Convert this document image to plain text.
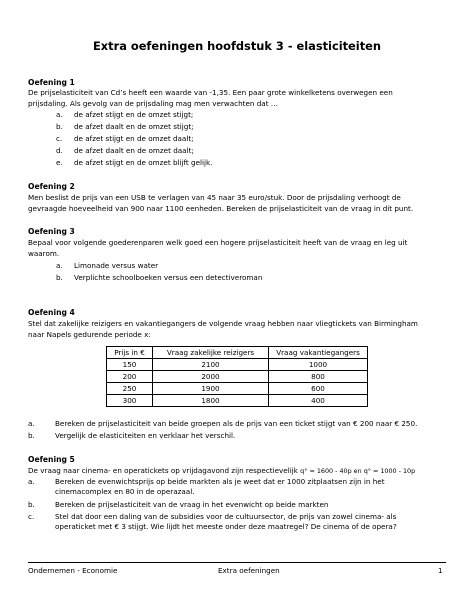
Extra oefeningen hoofdstuk 3 - elasticiteiten
Oefening 1
De prijselasticiteit van Cd’s heeft een waarde van -1,35. Een paar grote winkelketens overwegen een
prijsdaling. Als gevolg van de prijsdaling mag men verwachten dat …
a. de afzet stijgt en de omzet stijgt;
b. de afzet daalt en de omzet stijgt;
c. de afzet stijgt en de omzet daalt;
d. de afzet daalt en de omzet daalt;
e. de afzet stijgt en de omzet blijft gelijk.
Oefening 2
Men beslist de prijs van een USB te verlagen van 45 naar 35 euro/stuk. Door de prijsdaling verhoogt de
gevraagde hoeveelheid van 900 naar 1100 eenheden. Bereken de prijselasticiteit van de vraag in dit punt.
Oefening 3
Bepaal voor volgende goederenparen welk goed een hogere prijselasticiteit heeft van de vraag en leg uit
waarom.
a. Limonade versus water
b. Verplichte schoolboeken versus een detectiveroman
Oefening 4
Stel dat zakelijke reizigers en vakantiegangers de volgende vraag hebben naar vliegtickets van Birmingham
naar Napels gedurende periode x:
Prijs in €	Vraag zakelijke reizigers	Vraag vakantiegangers
150	2100	1000
200	2000	800
250	1900	600
300	1800	400
a.	Bereken de prijselasticiteit van beide groepen als de prijs van een ticket stijgt van € 200 naar € 250.
b.	Vergelijk de elasticiteiten en verklaar het verschil.
Oefening 5
De vraag naar cinema- en operatickets op vrijdagavond zijn respectievelijk q° = 1600 - 40p en q° = 1000 - 10p
a.	Bereken de evenwichtsprijs op beide markten als je weet dat er 1000 zitplaatsen zijn in het
cinemacomplex en 80 in de operazaal.
b.	Bereken de prijselasticiteit van de vraag in het evenwicht op beide markten
c.	Stel dat door een daling van de subsidies voor de cultuursector, de prijs van zowel cinema- als
operaticket met € 3 stijgt. Wie lijdt het meeste onder deze maatregel? De cinema of de opera?
Ondernemen - Economie	Extra oefeningen	1
